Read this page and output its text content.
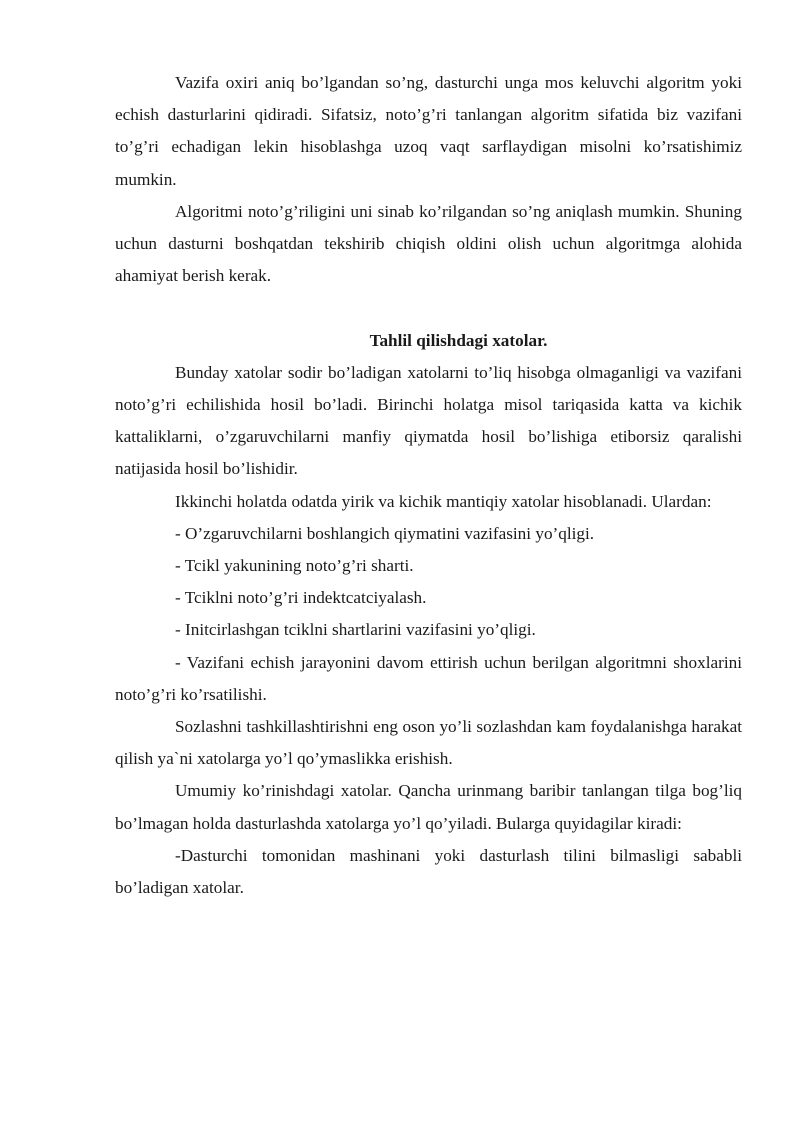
Vazifa oxiri aniq bo’lgandan so’ng, dasturchi unga mos keluvchi algoritm yoki echish dasturlarini qidiradi. Sifatsiz, noto’g’ri tanlangan algoritm sifatida biz vazifani to’g’ri echadigan lekin hisoblashga uzoq vaqt sarflaydigan misolni ko’rsatishimiz mumkin.

Algoritmi noto’g’riligini uni sinab ko’rilgandan so’ng aniqlash mumkin. Shuning uchun dasturni boshqatdan tekshirib chiqish oldini olish uchun algoritmga alohida ahamiyat berish kerak.

Tahlil qilishdagi xatolar.

Bunday xatolar sodir bo’ladigan xatolarni to’liq hisobga olmaganligi va vazifani noto’g’ri echilishida hosil bo’ladi. Birinchi holatga misol tariqasida katta va kichik kattaliklarni, o’zgaruvchilarni manfiy qiymatda hosil bo’lishiga etiborsiz qaralishi natijasida hosil bo’lishidir.

Ikkinchi holatda odatda yirik va kichik mantiqiy xatolar hisoblanadi. Ulardan:

- O’zgaruvchilarni boshlangich qiymatini vazifasini yo’qligi.

- Tcikl yakunining noto’g’ri sharti.

- Tciklni noto’g’ri indektcatciyalash.

- Initcirlashgan tciklni shartlarini vazifasini yo’qligi.

- Vazifani echish jarayonini davom ettirish uchun berilgan algoritmni shoxlarini noto’g’ri ko’rsatilishi.

Sozlashni tashkillashtirishni eng oson yo’li sozlashdan kam foydalanishga harakat qilish ya`ni xatolarga yo’l qo’ymaslikka erishish.

Umumiy ko’rinishdagi xatolar. Qancha urinmang baribir tanlangan tilga bog’liq bo’lmagan holda dasturlashda xatolarga yo’l qo’yiladi. Bularga quyidagilar kiradi:

-Dasturchi tomonidan mashinani yoki dasturlash tilini bilmasligi sababli bo’ladigan xatolar.
